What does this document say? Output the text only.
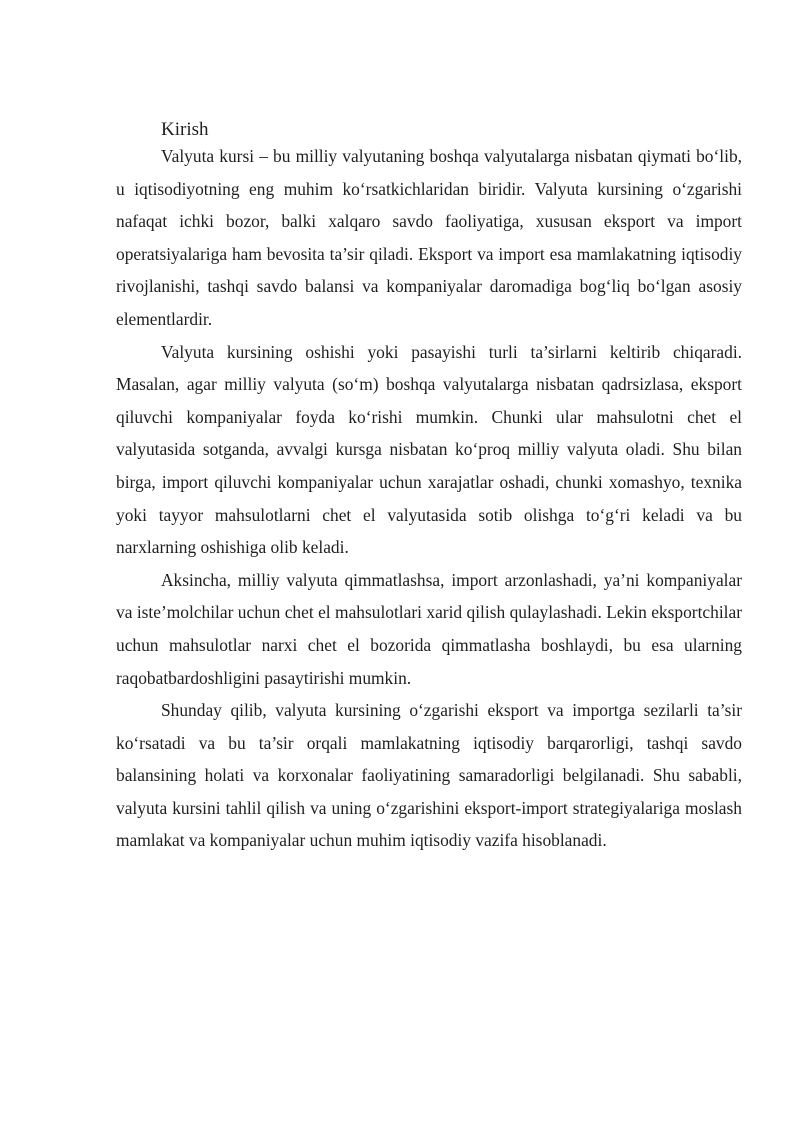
Kirish

Valyuta kursi – bu milliy valyutaning boshqa valyutalarga nisbatan qiymati bo‘lib, u iqtisodiyotning eng muhim ko‘rsatkichlaridan biridir. Valyuta kursining o‘zgarishi nafaqat ichki bozor, balki xalqaro savdo faoliyatiga, xususan eksport va import operatsiyalariga ham bevosita ta’sir qiladi. Eksport va import esa mamlakatning iqtisodiy rivojlanishi, tashqi savdo balansi va kompaniyalar daromadiga bog‘liq bo‘lgan asosiy elementlardir.

Valyuta kursining oshishi yoki pasayishi turli ta’sirlarni keltirib chiqaradi. Masalan, agar milliy valyuta (so‘m) boshqa valyutalarga nisbatan qadrsizlasa, eksport qiluvchi kompaniyalar foyda ko‘rishi mumkin. Chunki ular mahsulotni chet el valyutasida sotganda, avvalgi kursga nisbatan ko‘proq milliy valyuta oladi. Shu bilan birga, import qiluvchi kompaniyalar uchun xarajatlar oshadi, chunki xomashyo, texnika yoki tayyor mahsulotlarni chet el valyutasida sotib olishga to‘g‘ri keladi va bu narxlarning oshishiga olib keladi.

Aksincha, milliy valyuta qimmatlashsa, import arzonlashadi, ya’ni kompaniyalar va iste’molchilar uchun chet el mahsulotlari xarid qilish qulaylashadi. Lekin eksportchilar uchun mahsulotlar narxi chet el bozorida qimmatlasha boshlaydi, bu esa ularning raqobatbardoshligini pasaytirishi mumkin.

Shunday qilib, valyuta kursining o‘zgarishi eksport va importga sezilarli ta’sir ko‘rsatadi va bu ta’sir orqali mamlakatning iqtisodiy barqarorligi, tashqi savdo balansining holati va korxonalar faoliyatining samaradorligi belgilanadi. Shu sababli, valyuta kursini tahlil qilish va uning o‘zgarishini eksport-import strategiyalariga moslash mamlakat va kompaniyalar uchun muhim iqtisodiy vazifa hisoblanadi.
